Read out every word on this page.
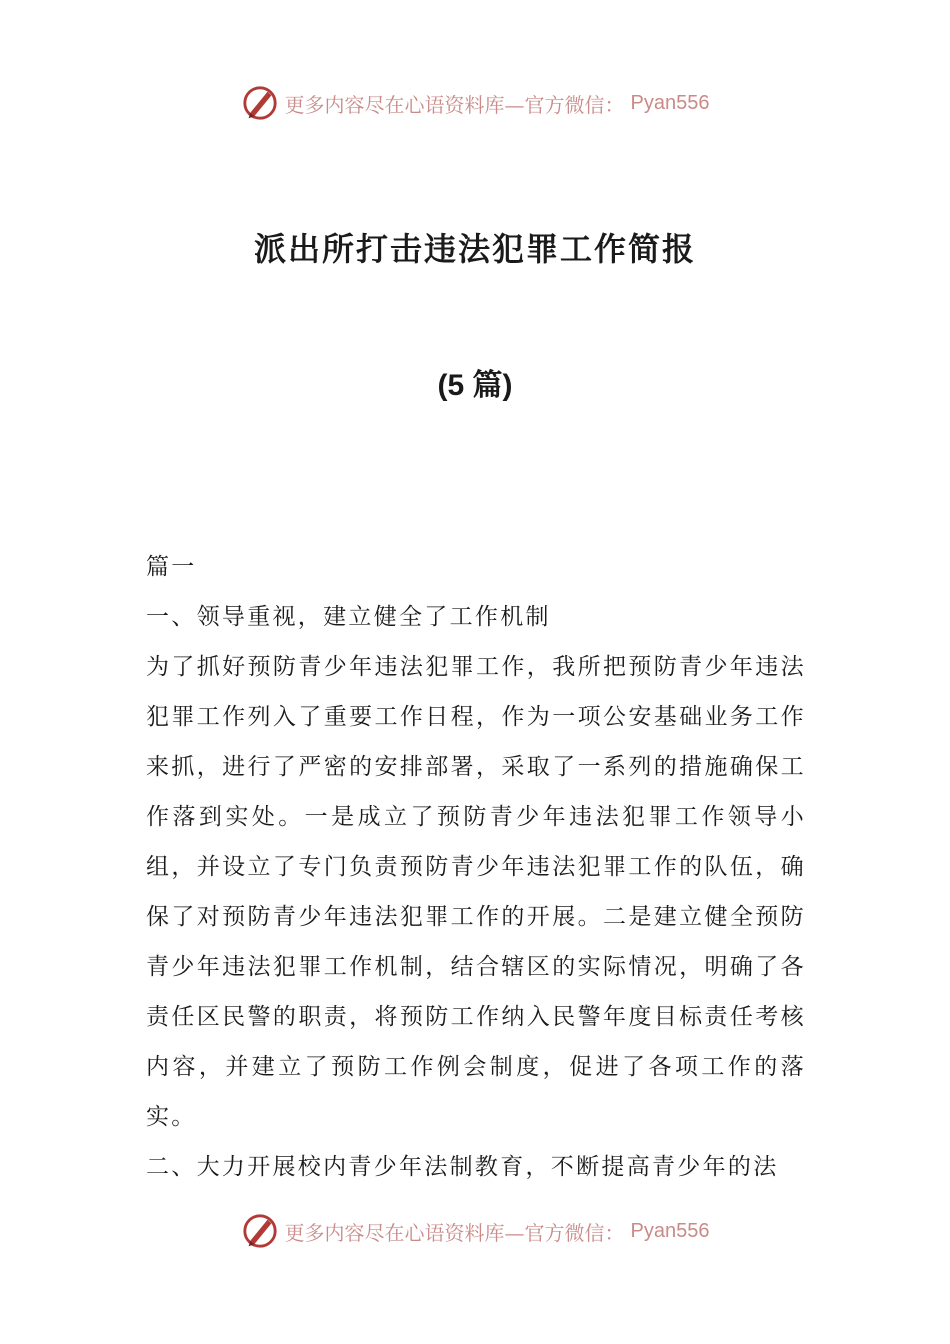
更多内容尽在心语资料库—官方微信： Pyan556
派出所打击违法犯罪工作简报
(5 篇)

篇一

一、领导重视，建立健全了工作机制

为了抓好预防青少年违法犯罪工作，我所把预防青少年违法犯罪工作列入了重要工作日程，作为一项公安基础业务工作来抓，进行了严密的安排部署，采取了一系列的措施确保工作落到实处。一是成立了预防青少年违法犯罪工作领导小组，并设立了专门负责预防青少年违法犯罪工作的队伍，确保了对预防青少年违法犯罪工作的开展。二是建立健全预防青少年违法犯罪工作机制，结合辖区的实际情况，明确了各责任区民警的职责，将预防工作纳入民警年度目标责任考核内容，并建立了预防工作例会制度，促进了各项工作的落实。

二、大力开展校内青少年法制教育，不断提高青少年的法

更多内容尽在心语资料库—官方微信： Pyan556
